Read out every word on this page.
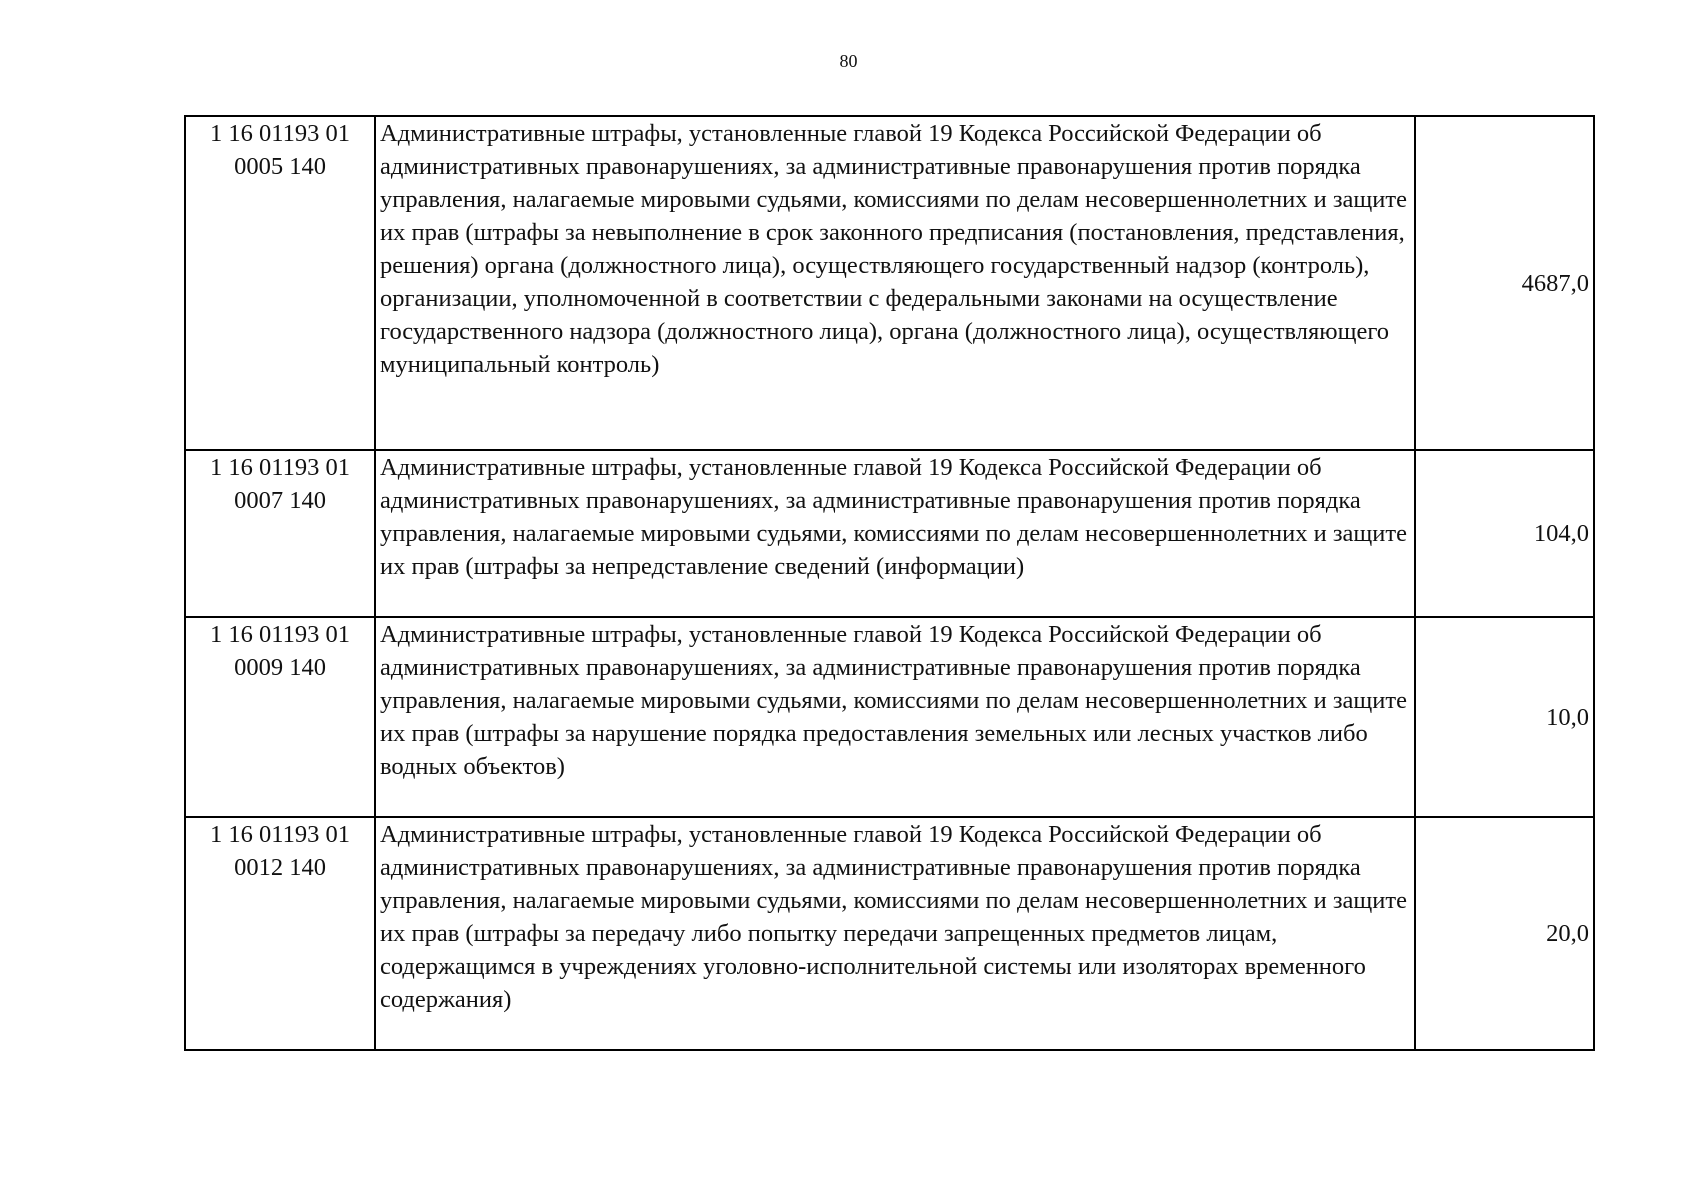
80
1 16 01193 01
0005 140	Административные штрафы, установленные главой 19 Кодекса Российской Федерации об административных правонарушениях, за административные правонарушения против порядка управления, налагаемые мировыми судьями, комиссиями по делам несовершеннолетних и защите их прав (штрафы за невыполнение в срок законного предписания (постановления, представления, решения) органа (должностного лица), осуществляющего государственный надзор (контроль), организации, уполномоченной в соответствии с федеральными законами на осуществление государственного надзора (должностного лица), органа (должностного лица), осуществляющего муниципальный контроль)	4687,0

1 16 01193 01
0007 140	Административные штрафы, установленные главой 19 Кодекса Российской Федерации об административных правонарушениях, за административные правонарушения против порядка управления, налагаемые мировыми судьями, комиссиями по делам несовершеннолетних и защите их прав (штрафы за непредставление сведений (информации)	104,0

1 16 01193 01
0009 140	Административные штрафы, установленные главой 19 Кодекса Российской Федерации об административных правонарушениях, за административные правонарушения против порядка управления, налагаемые мировыми судьями, комиссиями по делам несовершеннолетних и защите их прав (штрафы за нарушение порядка предоставления земельных или лесных участков либо водных объектов)	10,0

1 16 01193 01
0012 140	Административные штрафы, установленные главой 19 Кодекса Российской Федерации об административных правонарушениях, за административные правонарушения против порядка управления, налагаемые мировыми судьями, комиссиями по делам несовершеннолетних и защите их прав (штрафы за передачу либо попытку передачи запрещенных предметов лицам, содержащимся в учреждениях уголовно-исполнительной системы или изоляторах временного содержания)	20,0
